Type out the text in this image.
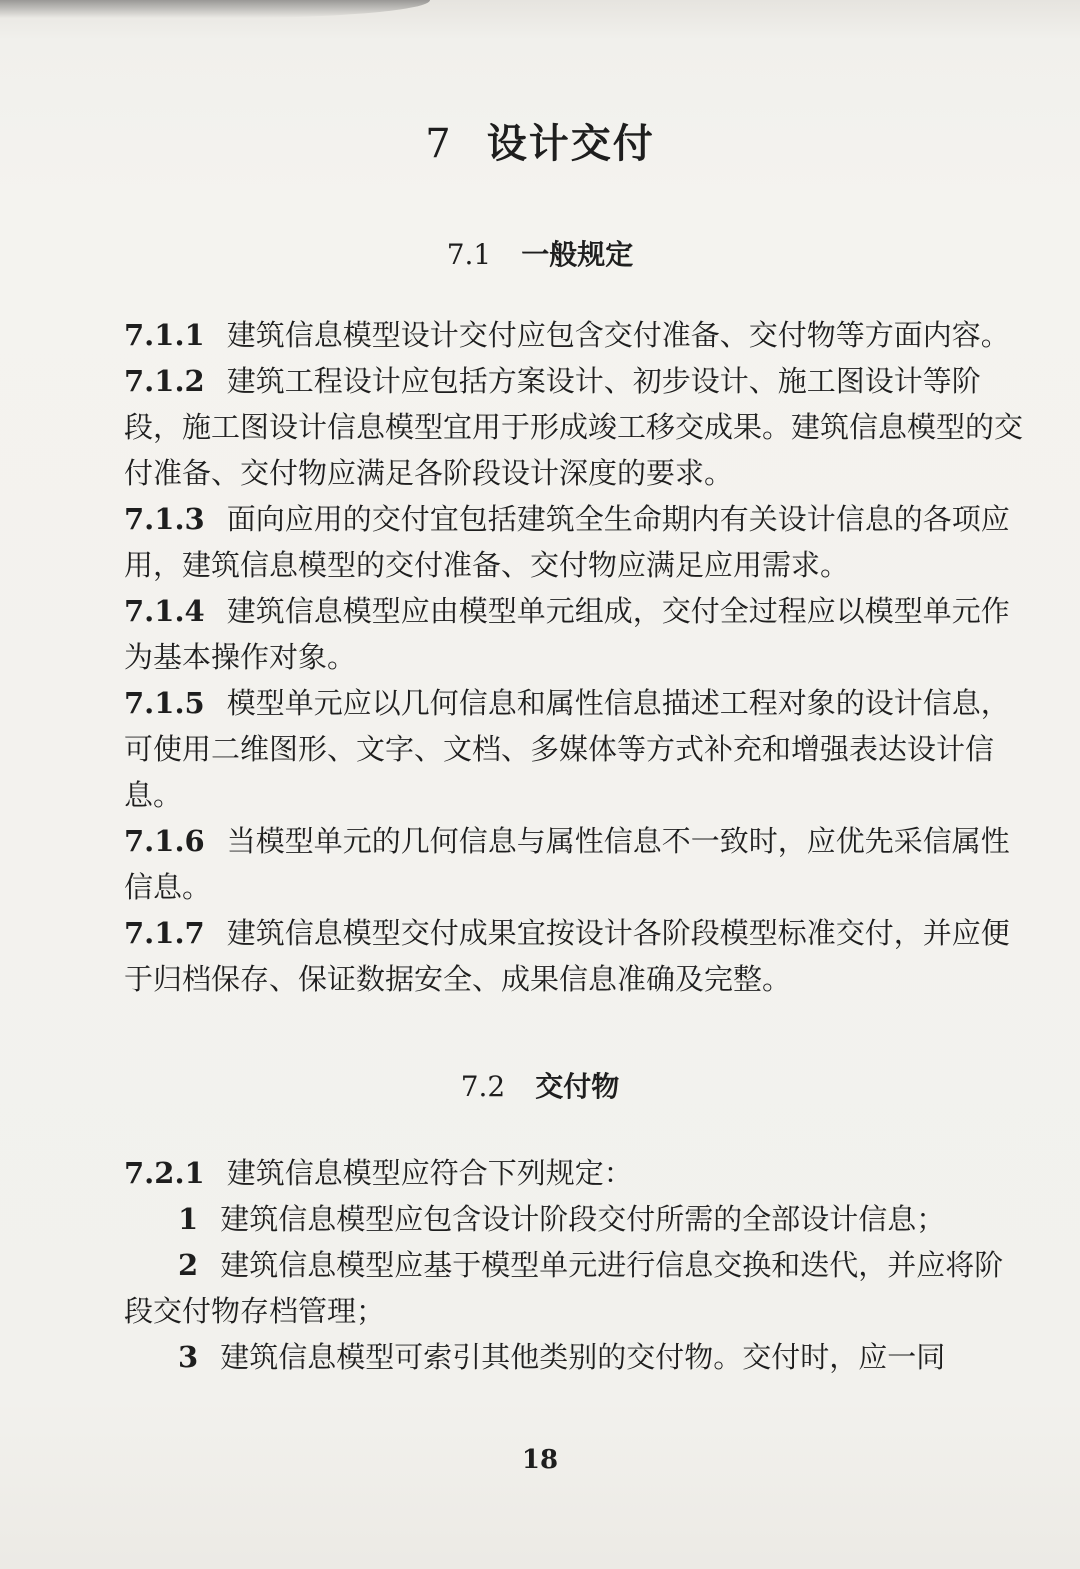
7 设计交付
7.1 一般规定
7.1.1 建筑信息模型设计交付应包含交付准备、交付物等方面内容。
7.1.2 建筑工程设计应包括方案设计、初步设计、施工图设计等阶段，施工图设计信息模型宜用于形成竣工移交成果。建筑信息模型的交付准备、交付物应满足各阶段设计深度的要求。
7.1.3 面向应用的交付宜包括建筑全生命期内有关设计信息的各项应用，建筑信息模型的交付准备、交付物应满足应用需求。
7.1.4 建筑信息模型应由模型单元组成，交付全过程应以模型单元作为基本操作对象。
7.1.5 模型单元应以几何信息和属性信息描述工程对象的设计信息，可使用二维图形、文字、文档、多媒体等方式补充和增强表达设计信息。
7.1.6 当模型单元的几何信息与属性信息不一致时，应优先采信属性信息。
7.1.7 建筑信息模型交付成果宜按设计各阶段模型标准交付，并应便于归档保存、保证数据安全、成果信息准确及完整。
7.2 交付物
7.2.1 建筑信息模型应符合下列规定：
1 建筑信息模型应包含设计阶段交付所需的全部设计信息；
2 建筑信息模型应基于模型单元进行信息交换和迭代，并应将阶段交付物存档管理；
3 建筑信息模型可索引其他类别的交付物。交付时，应一同
18
